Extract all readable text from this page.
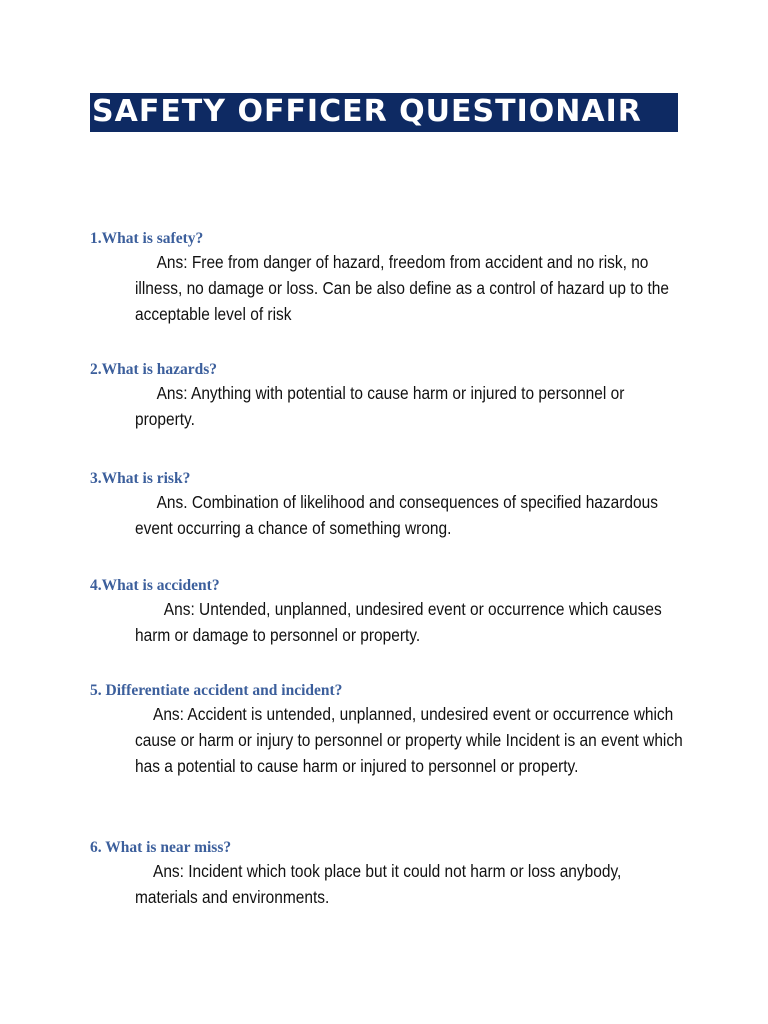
SAFETY OFFICER QUESTIONAIR
1.What is safety?
Ans: Free from danger of hazard, freedom from accident and no risk, no illness, no damage or loss. Can be also define as a control of hazard up to the acceptable level of risk
2.What is hazards?
Ans: Anything with potential to cause harm or injured to personnel or property.
3.What is risk?
Ans. Combination of likelihood and consequences of specified hazardous event occurring a chance of something wrong.
4.What is accident?
Ans: Untended, unplanned, undesired event or occurrence which causes harm or damage to personnel or property.
5. Differentiate accident and incident?
Ans: Accident is untended, unplanned, undesired event or occurrence which cause or harm or injury to personnel or property while Incident is an event which has a potential to cause harm or injured to personnel or property.
6. What is near miss?
Ans: Incident which took place but it could not harm or loss anybody, materials and environments.
